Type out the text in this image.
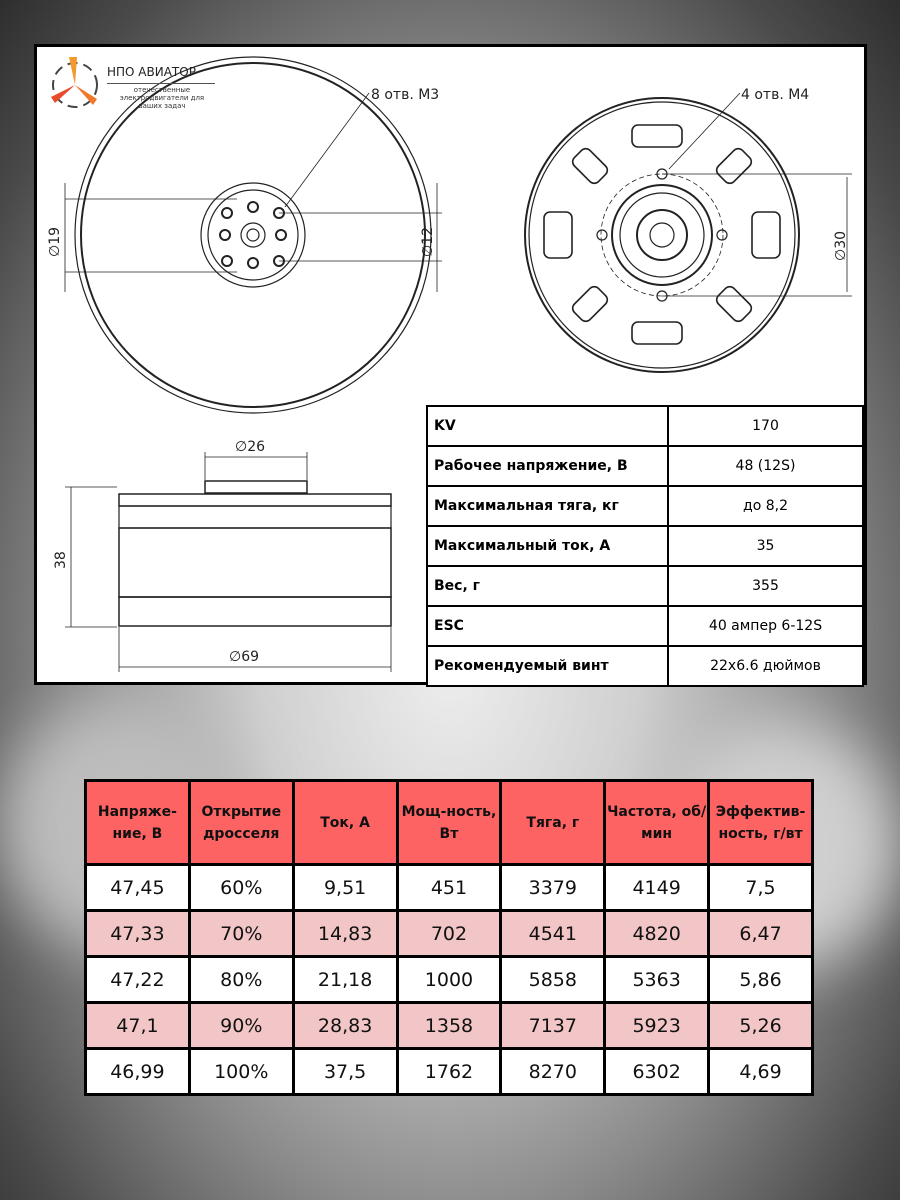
8 отв. М3
∅19	∅12
4 отв. М4
∅30
∅26
38
∅69
НПО АВИАТОР
отечественные электродвигатели для ваших задач
KV	170
Рабочее напряжение, В	48 (12S)
Максимальная тяга, кг	до 8,2
Максимальный ток, А	35
Вес, г	355
ESC	40 ампер 6-12S
Рекомендуемый винт	22x6.6 дюймов
Напряже-ние, В	Открытие дросселя	Ток, А	Мощ-ность, Вт	Тяга, г	Частота, об/мин	Эффектив-ность, г/вт
47,45	60%	9,51	451	3379	4149	7,5
47,33	70%	14,83	702	4541	4820	6,47
47,22	80%	21,18	1000	5858	5363	5,86
47,1	90%	28,83	1358	7137	5923	5,26
46,99	100%	37,5	1762	8270	6302	4,69
